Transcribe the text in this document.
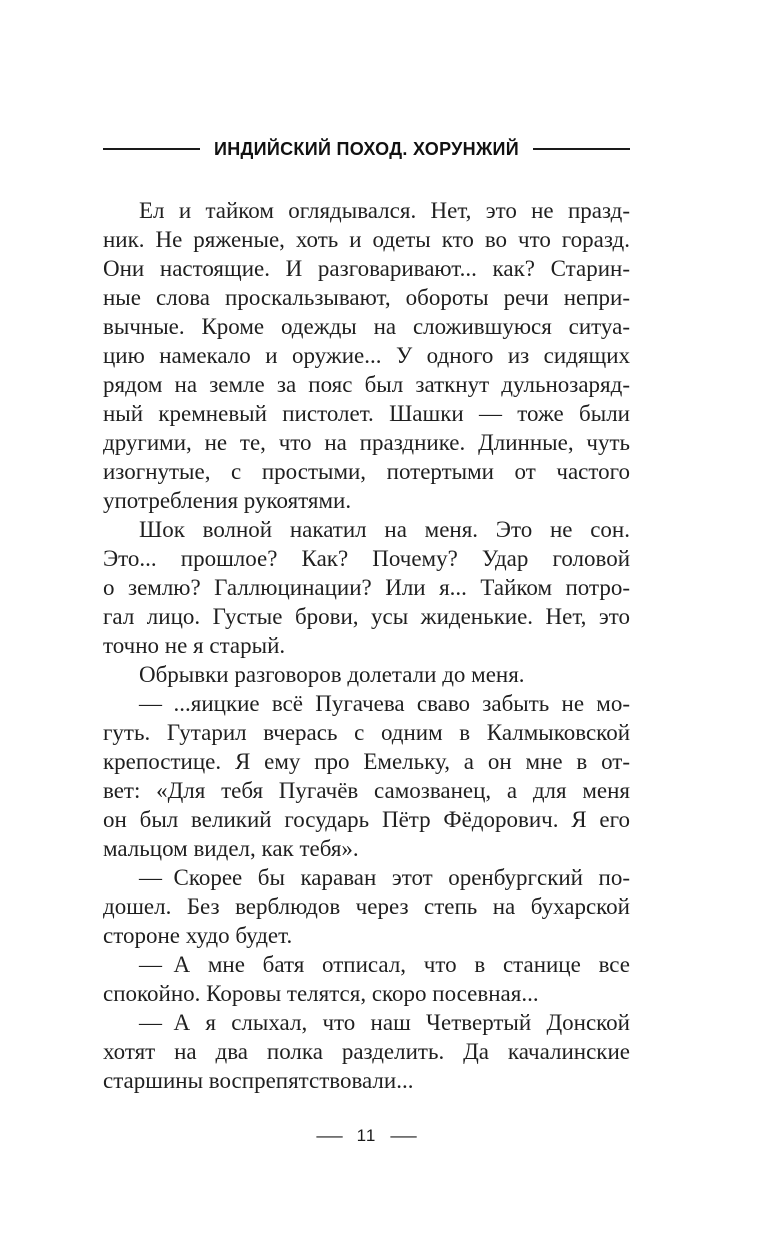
ИНДИЙСКИЙ ПОХОД. ХОРУНЖИЙ
Ел и тайком оглядывался. Нет, это не празд-
ник. Не ряженые, хоть и одеты кто во что горазд.
Они настоящие. И разговаривают... как? Старин-
ные слова проскальзывают, обороты речи непри-
вычные. Кроме одежды на сложившуюся ситуа-
цию намекало и оружие... У одного из сидящих
рядом на земле за пояс был заткнут дульнозаряд-
ный кремневый пистолет. Шашки — тоже были
другими, не те, что на празднике. Длинные, чуть
изогнутые, с простыми, потертыми от частого
употребления рукоятями.
Шок волной накатил на меня. Это не сон.
Это... прошлое? Как? Почему? Удар головой
о землю? Галлюцинации? Или я... Тайком потро-
гал лицо. Густые брови, усы жиденькие. Нет, это
точно не я старый.
Обрывки разговоров долетали до меня.
— ...яицкие всё Пугачева сваво забыть не мо-
гуть. Гутарил вчерась с одним в Калмыковской
крепостице. Я ему про Емельку, а он мне в от-
вет: «Для тебя Пугачёв самозванец, а для меня
он был великий государь Пётр Фёдорович. Я его
мальцом видел, как тебя».
— Скорее бы караван этот оренбургский по-
дошел. Без верблюдов через степь на бухарской
стороне худо будет.
— А мне батя отписал, что в станице все
спокойно. Коровы телятся, скоро посевная...
— А я слыхал, что наш Четвертый Донской
хотят на два полка разделить. Да качалинские
старшины воспрепятствовали...
— 11 —
